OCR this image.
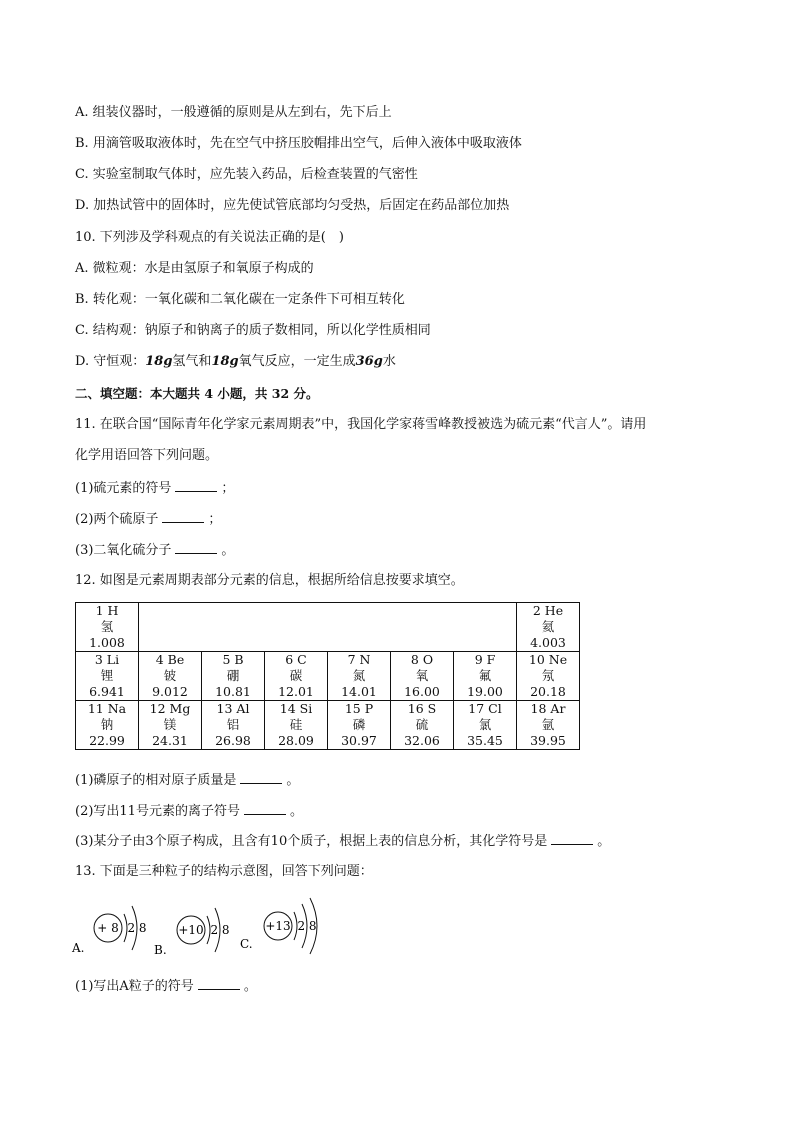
A. 组装仪器时，一般遵循的原则是从左到右，先下后上
B. 用滴管吸取液体时，先在空气中挤压胶帽排出空气，后伸入液体中吸取液体
C. 实验室制取气体时，应先装入药品，后检查装置的气密性
D. 加热试管中的固体时，应先使试管底部均匀受热，后固定在药品部位加热
10. 下列涉及学科观点的有关说法正确的是(　)
A. 微粒观：水是由氢原子和氧原子构成的
B. 转化观：一氧化碳和二氧化碳在一定条件下可相互转化
C. 结构观：钠原子和钠离子的质子数相同，所以化学性质相同
D. 守恒观：18g氢气和18g氧气反应，一定生成36g水
二、填空题：本大题共 4 小题，共 32 分。
11. 在联合国“国际青年化学家元素周期表”中，我国化学家蒋雪峰教授被选为硫元素“代言人”。请用
化学用语回答下列问题。
(1)硫元素的符号	；
(2)两个硫原子	；
(3)二氧化硫分子	。
12. 如图是元素周期表部分元素的信息，根据所给信息按要求填空。
1 H
氢
1.008							2 He
氦
4.003

3 Li
锂
6.941	4 Be
铍
9.012	5 B
硼
10.81	6 C
碳
12.01	7 N
氮
14.01	8 O
氧
16.00	9 F
氟
19.00	10 Ne
氖
20.18

11 Na
钠
22.99	12 Mg
镁
24.31	13 Al
铝
26.98	14 Si
硅
28.09	15 P
磷
30.97	16 S
硫
32.06	17 Cl
氯
35.45	18 Ar
氩
39.95
(1)磷原子的相对原子质量是	。
(2)写出11号元素的离子符号	。
(3)某分子由3个原子构成，且含有10个质子，根据上表的信息分析，其化学符号是	。
13. 下面是三种粒子的结构示意图，回答下列问题：
+ 8 2 8
A.
+10 2 8
B.
+13 2 8
C.
(1)写出A粒子的符号	。
